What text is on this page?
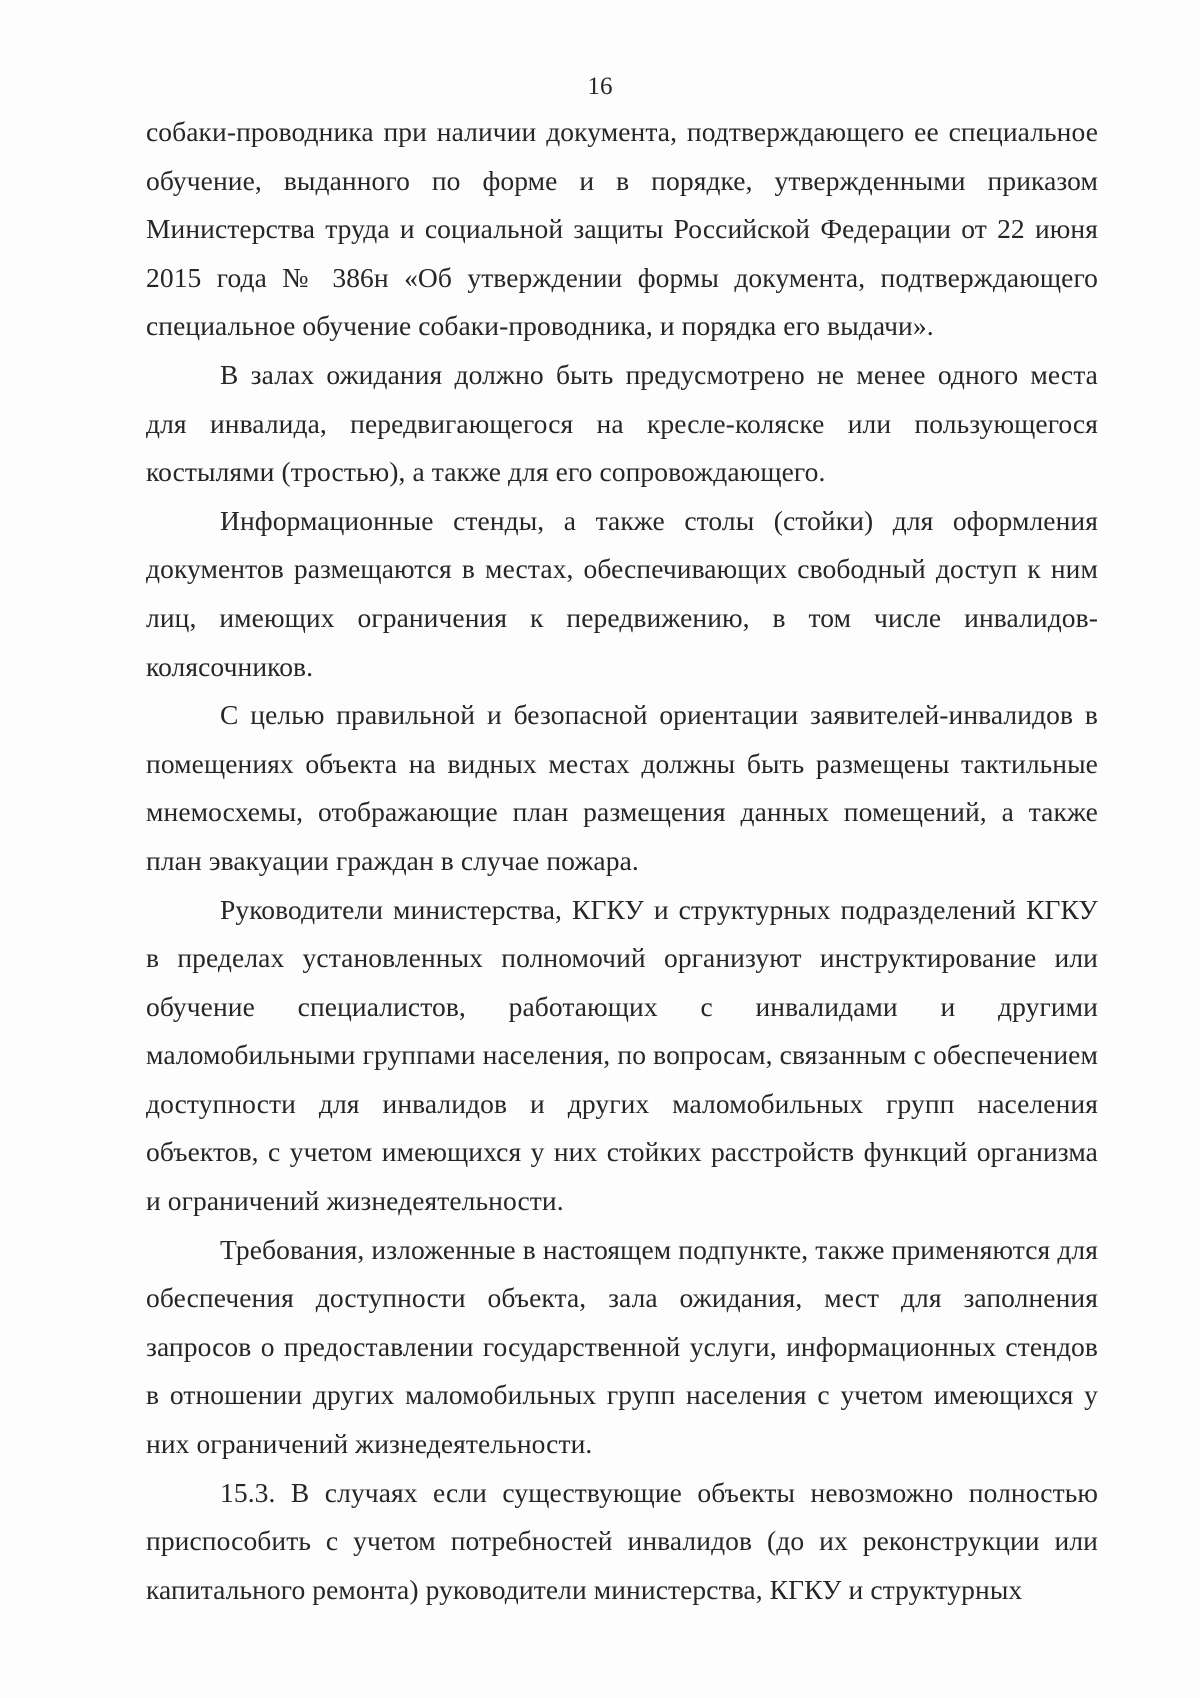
16

собаки-проводника при наличии документа, подтверждающего ее специальное обучение, выданного по форме и в порядке, утвержденными приказом Министерства труда и социальной защиты Российской Федерации от 22 июня 2015 года № 386н «Об утверждении формы документа, подтверждающего специальное обучение собаки-проводника, и порядка его выдачи».

В залах ожидания должно быть предусмотрено не менее одного места для инвалида, передвигающегося на кресле-коляске или пользующегося костылями (тростью), а также для его сопровождающего.

Информационные стенды, а также столы (стойки) для оформления документов размещаются в местах, обеспечивающих свободный доступ к ним лиц, имеющих ограничения к передвижению, в том числе инвалидов-колясочников.

С целью правильной и безопасной ориентации заявителей-инвалидов в помещениях объекта на видных местах должны быть размещены тактильные мнемосхемы, отображающие план размещения данных помещений, а также план эвакуации граждан в случае пожара.

Руководители министерства, КГКУ и структурных подразделений КГКУ в пределах установленных полномочий организуют инструктирование или обучение специалистов, работающих с инвалидами и другими маломобильными группами населения, по вопросам, связанным с обеспечением доступности для инвалидов и других маломобильных групп населения объектов, с учетом имеющихся у них стойких расстройств функций организма и ограничений жизнедеятельности.

Требования, изложенные в настоящем подпункте, также применяются для обеспечения доступности объекта, зала ожидания, мест для заполнения запросов о предоставлении государственной услуги, информационных стендов в отношении других маломобильных групп населения с учетом имеющихся у них ограничений жизнедеятельности.

15.3. В случаях если существующие объекты невозможно полностью приспособить с учетом потребностей инвалидов (до их реконструкции или капитального ремонта) руководители министерства, КГКУ и структурных
